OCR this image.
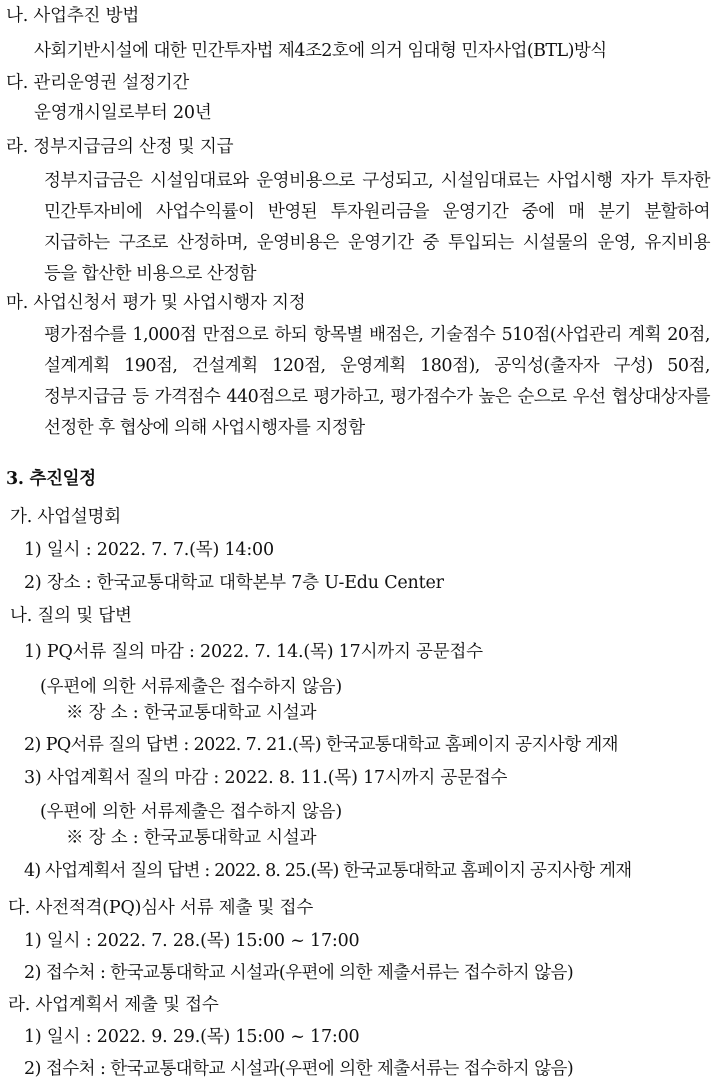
나. 사업추진 방법
사회기반시설에 대한 민간투자법 제4조2호에 의거 임대형 민자사업(BTL)방식
다. 관리운영권 설정기간
운영개시일로부터 20년
라. 정부지급금의 산정 및 지급
정부지급금은 시설임대료와 운영비용으로 구성되고, 시설임대료는 사업시행 자가 투자한 민간투자비에 사업수익률이 반영된 투자원리금을 운영기간 중에 매 분기 분할하여 지급하는 구조로 산정하며, 운영비용은 운영기간 중 투입되는 시설물의 운영, 유지비용 등을 합산한 비용으로 산정함
마. 사업신청서 평가 및 사업시행자 지정
평가점수를 1,000점 만점으로 하되 항목별 배점은, 기술점수 510점(사업관리 계획 20점, 설계계획 190점, 건설계획 120점, 운영계획 180점), 공익성(출자자 구성) 50점, 정부지급금 등 가격점수 440점으로 평가하고, 평가점수가 높은 순으로 우선 협상대상자를 선정한 후 협상에 의해 사업시행자를 지정함
3. 추진일정
가. 사업설명회
1) 일시 : 2022. 7. 7.(목) 14:00
2) 장소 : 한국교통대학교 대학본부 7층 U-Edu Center
나. 질의 및 답변
1) PQ서류 질의 마감 : 2022. 7. 14.(목) 17시까지 공문접수
(우편에 의한 서류제출은 접수하지 않음)
※ 장 소 : 한국교통대학교 시설과
2) PQ서류 질의 답변 : 2022. 7. 21.(목) 한국교통대학교 홈페이지 공지사항 게재
3) 사업계획서 질의 마감 : 2022. 8. 11.(목) 17시까지 공문접수
(우편에 의한 서류제출은 접수하지 않음)
※ 장 소 : 한국교통대학교 시설과
4) 사업계획서 질의 답변 : 2022. 8. 25.(목) 한국교통대학교 홈페이지 공지사항 게재
다. 사전적격(PQ)심사 서류 제출 및 접수
1) 일시 : 2022. 7. 28.(목) 15:00 ~ 17:00
2) 접수처 : 한국교통대학교 시설과(우편에 의한 제출서류는 접수하지 않음)
라. 사업계획서 제출 및 접수
1) 일시 : 2022. 9. 29.(목) 15:00 ~ 17:00
2) 접수처 : 한국교통대학교 시설과(우편에 의한 제출서류는 접수하지 않음)
